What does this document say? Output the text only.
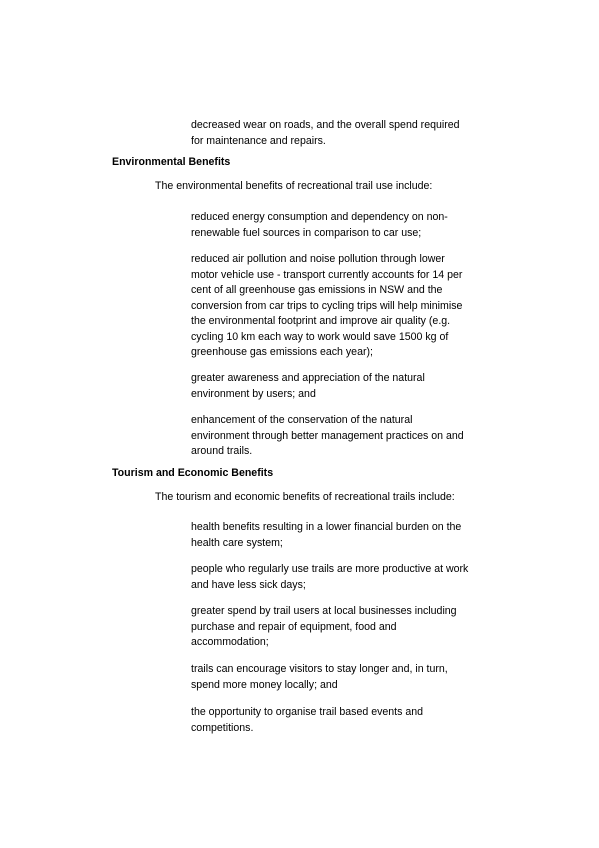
decreased wear on roads, and the overall spend required for maintenance and repairs.

Environmental Benefits

The environmental benefits of recreational trail use include:

reduced energy consumption and dependency on non-renewable fuel sources in comparison to car use;

reduced air pollution and noise pollution through lower motor vehicle use - transport currently accounts for 14 per cent of all greenhouse gas emissions in NSW and the conversion from car trips to cycling trips will help minimise the environmental footprint and improve air quality (e.g. cycling 10 km each way to work would save 1500 kg of greenhouse gas emissions each year);

greater awareness and appreciation of the natural environment by users; and

enhancement of the conservation of the natural environment through better management practices on and around trails.

Tourism and Economic Benefits

The tourism and economic benefits of recreational trails include:

health benefits resulting in a lower financial burden on the health care system;

people who regularly use trails are more productive at work and have less sick days;

greater spend by trail users at local businesses including purchase and repair of equipment, food and accommodation;

trails can encourage visitors to stay longer and, in turn, spend more money locally; and

the opportunity to organise trail based events and competitions.
